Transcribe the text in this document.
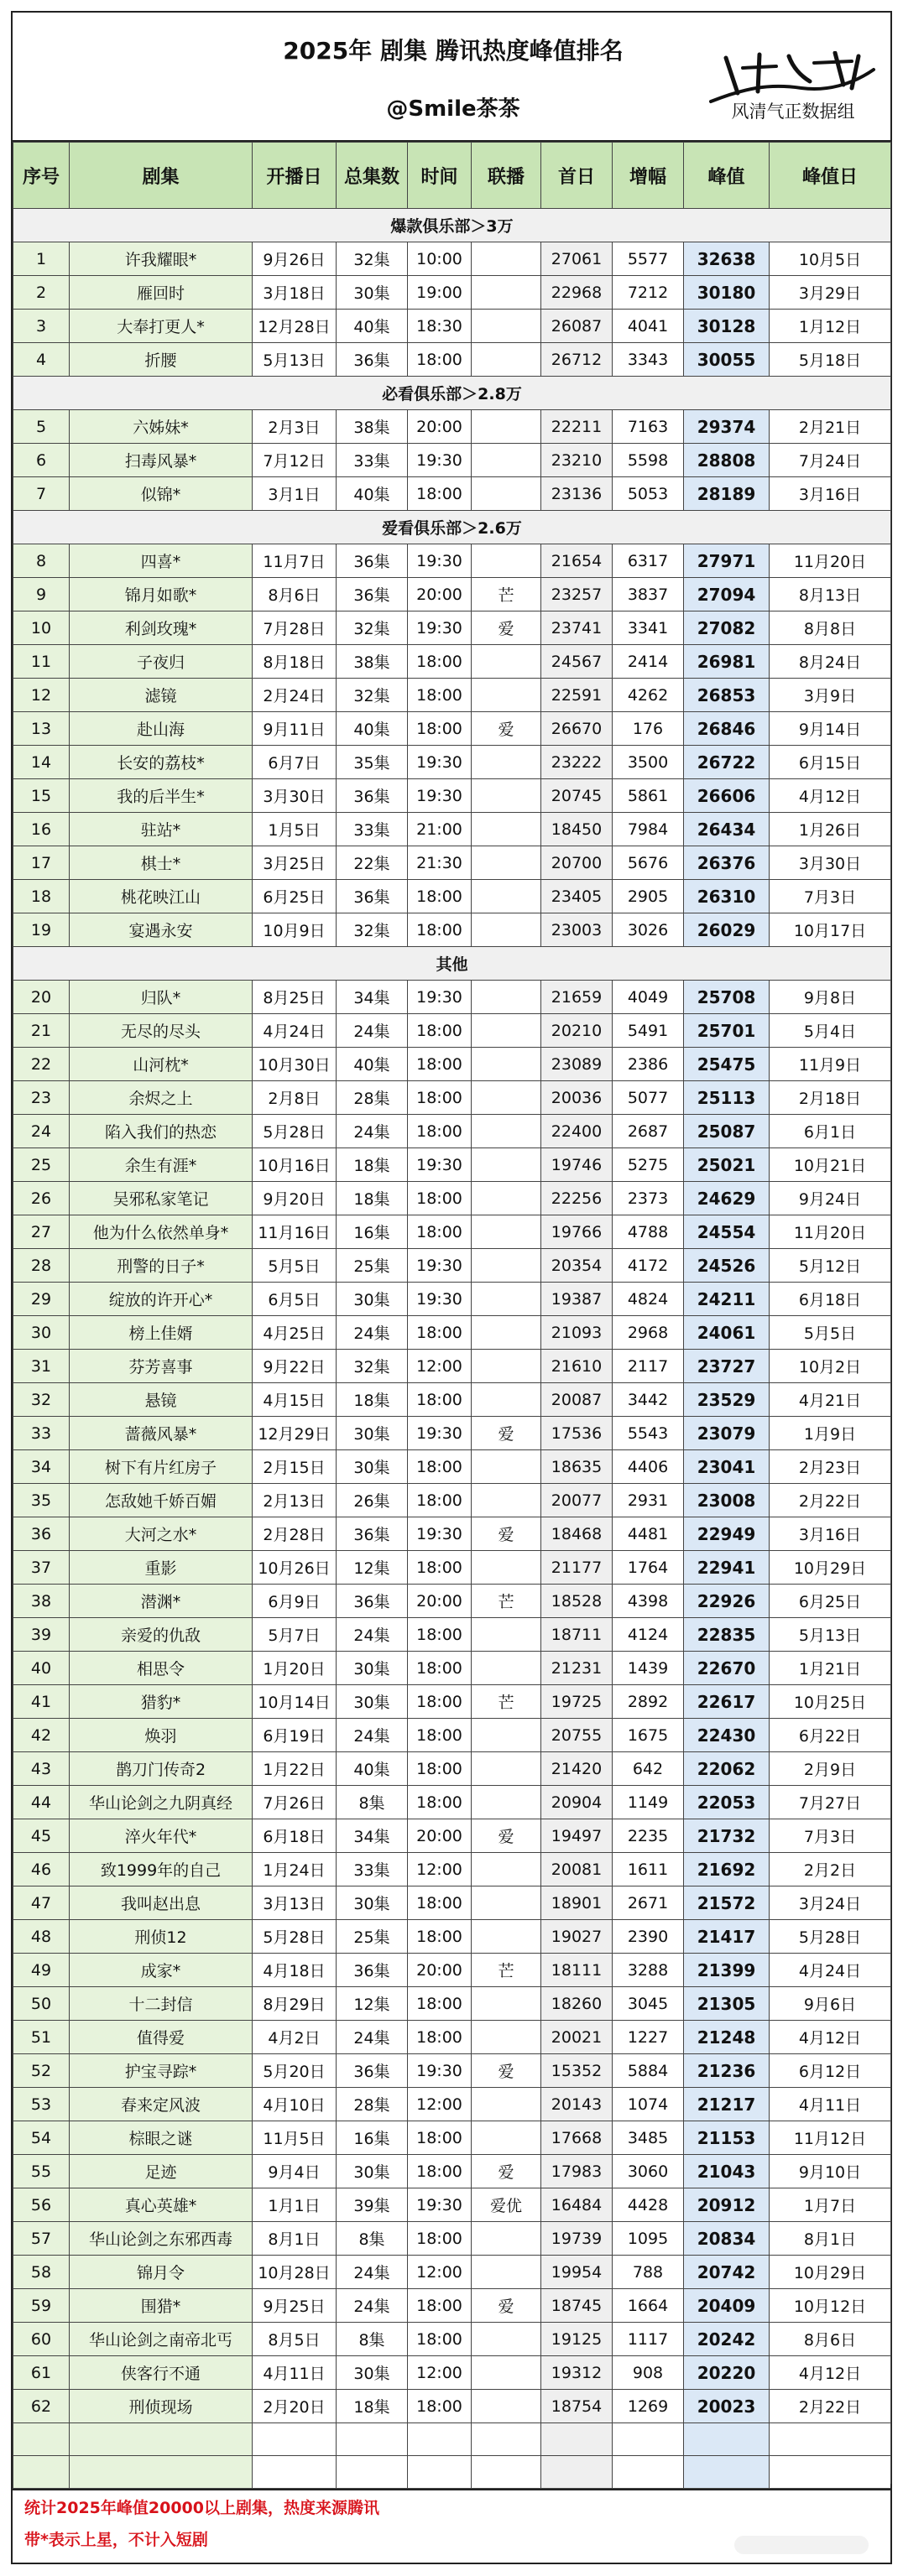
2025年 剧集 腾讯热度峰值排名
@Smile茶茶	风清气正数据组
序号	剧集	开播日	总集数	时间	联播	首日	增幅	峰值	峰值日
爆款俱乐部＞3万									
1	许我耀眼*	9月26日	32集	10:00		27061	5577	32638	10月5日
2	雁回时	3月18日	30集	19:00		22968	7212	30180	3月29日
3	大奉打更人*	12月28日	40集	18:30		26087	4041	30128	1月12日
4	折腰	5月13日	36集	18:00		26712	3343	30055	5月18日
必看俱乐部＞2.8万									
5	六姊妹*	2月3日	38集	20:00		22211	7163	29374	2月21日
6	扫毒风暴*	7月12日	33集	19:30		23210	5598	28808	7月24日
7	似锦*	3月1日	40集	18:00		23136	5053	28189	3月16日
爱看俱乐部＞2.6万									
8	四喜*	11月7日	36集	19:30		21654	6317	27971	11月20日
9	锦月如歌*	8月6日	36集	20:00	芒	23257	3837	27094	8月13日
10	利剑玫瑰*	7月28日	32集	19:30	爱	23741	3341	27082	8月8日
11	子夜归	8月18日	38集	18:00		24567	2414	26981	8月24日
12	滤镜	2月24日	32集	18:00		22591	4262	26853	3月9日
13	赴山海	9月11日	40集	18:00	爱	26670	176	26846	9月14日
14	长安的荔枝*	6月7日	35集	19:30		23222	3500	26722	6月15日
15	我的后半生*	3月30日	36集	19:30		20745	5861	26606	4月12日
16	驻站*	1月5日	33集	21:00		18450	7984	26434	1月26日
17	棋士*	3月25日	22集	21:30		20700	5676	26376	3月30日
18	桃花映江山	6月25日	36集	18:00		23405	2905	26310	7月3日
19	宴遇永安	10月9日	32集	18:00		23003	3026	26029	10月17日
其他									
20	归队*	8月25日	34集	19:30		21659	4049	25708	9月8日
21	无尽的尽头	4月24日	24集	18:00		20210	5491	25701	5月4日
22	山河枕*	10月30日	40集	18:00		23089	2386	25475	11月9日
23	余烬之上	2月8日	28集	18:00		20036	5077	25113	2月18日
24	陷入我们的热恋	5月28日	24集	18:00		22400	2687	25087	6月1日
25	余生有涯*	10月16日	18集	19:30		19746	5275	25021	10月21日
26	吴邪私家笔记	9月20日	18集	18:00		22256	2373	24629	9月24日
27	他为什么依然单身*	11月16日	16集	18:00		19766	4788	24554	11月20日
28	刑警的日子*	5月5日	25集	19:30		20354	4172	24526	5月12日
29	绽放的许开心*	6月5日	30集	19:30		19387	4824	24211	6月18日
30	榜上佳婿	4月25日	24集	18:00		21093	2968	24061	5月5日
31	芬芳喜事	9月22日	32集	12:00		21610	2117	23727	10月2日
32	悬镜	4月15日	18集	18:00		20087	3442	23529	4月21日
33	蔷薇风暴*	12月29日	30集	19:30	爱	17536	5543	23079	1月9日
34	树下有片红房子	2月15日	30集	18:00		18635	4406	23041	2月23日
35	怎敌她千娇百媚	2月13日	26集	18:00		20077	2931	23008	2月22日
36	大河之水*	2月28日	36集	19:30	爱	18468	4481	22949	3月16日
37	重影	10月26日	12集	18:00		21177	1764	22941	10月29日
38	潜渊*	6月9日	36集	20:00	芒	18528	4398	22926	6月25日
39	亲爱的仇敌	5月7日	24集	18:00		18711	4124	22835	5月13日
40	相思令	1月20日	30集	18:00		21231	1439	22670	1月21日
41	猎豹*	10月14日	30集	18:00	芒	19725	2892	22617	10月25日
42	焕羽	6月19日	24集	18:00		20755	1675	22430	6月22日
43	鹊刀门传奇2	1月22日	40集	18:00		21420	642	22062	2月9日
44	华山论剑之九阴真经	7月26日	8集	18:00		20904	1149	22053	7月27日
45	淬火年代*	6月18日	34集	20:00	爱	19497	2235	21732	7月3日
46	致1999年的自己	1月24日	33集	12:00		20081	1611	21692	2月2日
47	我叫赵出息	3月13日	30集	18:00		18901	2671	21572	3月24日
48	刑侦12	5月28日	25集	18:00		19027	2390	21417	5月28日
49	成家*	4月18日	36集	20:00	芒	18111	3288	21399	4月24日
50	十二封信	8月29日	12集	18:00		18260	3045	21305	9月6日
51	值得爱	4月2日	24集	18:00		20021	1227	21248	4月12日
52	护宝寻踪*	5月20日	36集	19:30	爱	15352	5884	21236	6月12日
53	春来定风波	4月10日	28集	12:00		20143	1074	21217	4月11日
54	棕眼之谜	11月5日	16集	18:00		17668	3485	21153	11月12日
55	足迹	9月4日	30集	18:00	爱	17983	3060	21043	9月10日
56	真心英雄*	1月1日	39集	19:30	爱优	16484	4428	20912	1月7日
57	华山论剑之东邪西毒	8月1日	8集	18:00		19739	1095	20834	8月1日
58	锦月令	10月28日	24集	12:00		19954	788	20742	10月29日
59	围猎*	9月25日	24集	18:00	爱	18745	1664	20409	10月12日
60	华山论剑之南帝北丐	8月5日	8集	18:00		19125	1117	20242	8月6日
61	侠客行不通	4月11日	30集	12:00		19312	908	20220	4月12日
62	刑侦现场	2月20日	18集	18:00		18754	1269	20023	2月22日

统计2025年峰值20000以上剧集，热度来源腾讯
带*表示上星，不计入短剧
